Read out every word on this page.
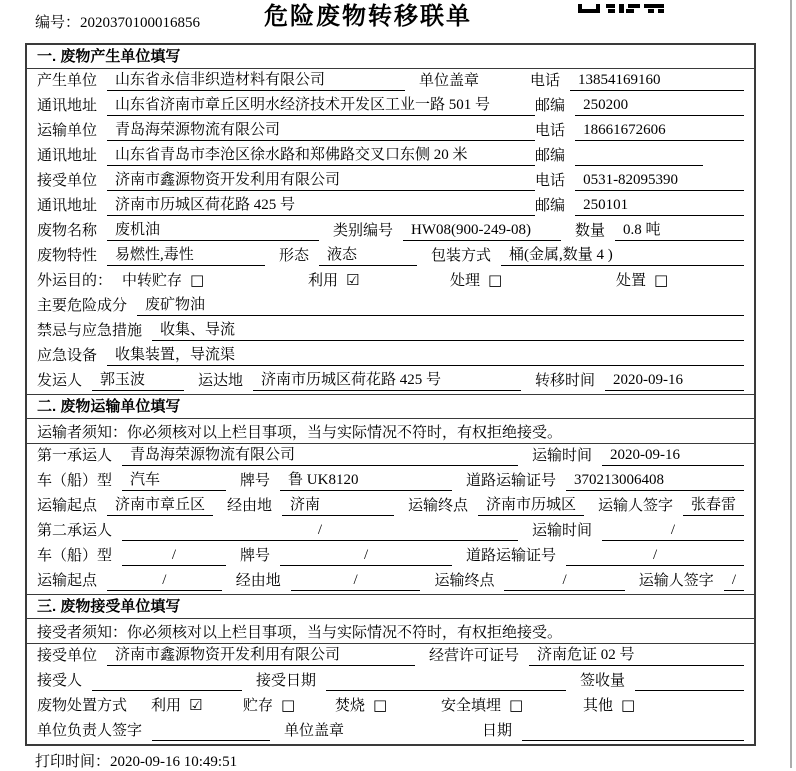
编号：2020370100016856	危险废物转移联单
一. 废物产生单位填写
产生单位	山东省永信非织造材料有限公司	单位盖章	电话	13854169160
通讯地址	山东省济南市章丘区明水经济技术开发区工业一路 501 号	邮编	250200
运输单位	青岛海荣源物流有限公司	电话	18661672606
通讯地址	山东省青岛市李沧区徐水路和郑佛路交叉口东侧 20 米	邮编
接受单位	济南市鑫源物资开发利用有限公司	电话	0531-82095390
通讯地址	济南市历城区荷花路 425 号	邮编	250101
废物名称	废机油	类别编号	HW08(900-249-08)	数量	0.8 吨
废物特性	易燃性,毒性	形态	液态	包装方式	桶(金属,数量 4 )
外运目的： 中转贮存 □	利用 ☑	处理 □	处置 □
主要危险成分	废矿物油
禁忌与应急措施	收集、导流
应急设备	收集装置，导流渠
发运人	郭玉波	运达地	济南市历城区荷花路 425 号	转移时间	2020-09-16
二. 废物运输单位填写
运输者须知：你必须核对以上栏目事项，当与实际情况不符时，有权拒绝接受。
第一承运人	青岛海荣源物流有限公司	运输时间	2020-09-16
车（船）型	汽车	牌号	鲁 UK8120	道路运输证号	370213006408
运输起点	济南市章丘区	经由地	济南	运输终点	济南市历城区	运输人签字	张春雷
第二承运人	/	运输时间	/
车（船）型	/	牌号	/	道路运输证号	/
运输起点	/	经由地	/	运输终点	/	运输人签字	/
三. 废物接受单位填写
接受者须知：你必须核对以上栏目事项，当与实际情况不符时，有权拒绝接受。
接受单位	济南市鑫源物资开发利用有限公司	经营许可证号	济南危证 02 号
接受人	接受日期	签收量
废物处置方式 利用 ☑	贮存 □	焚烧 □	安全填埋 □	其他 □
单位负责人签字	单位盖章	日期
打印时间：2020-09-16 10:49:51
